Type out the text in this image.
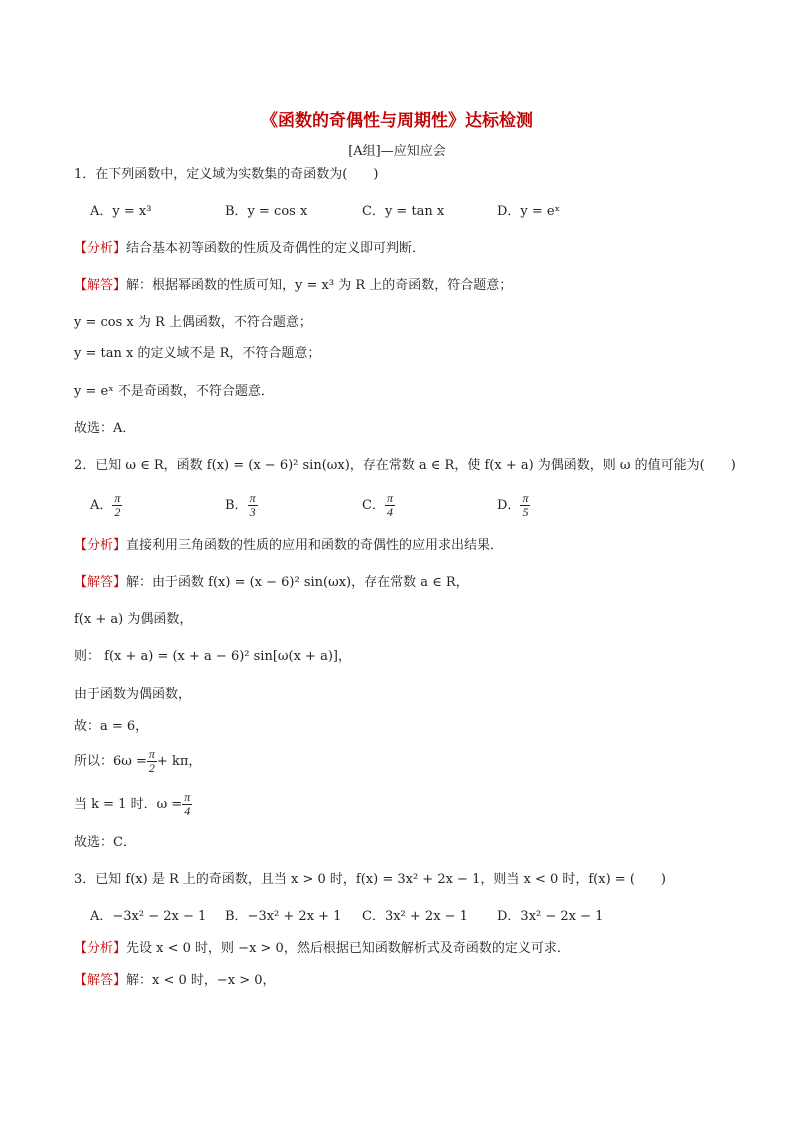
《函数的奇偶性与周期性》达标检测
[A组]—应知应会
1．在下列函数中，定义域为实数集的奇函数为(　　)
A．y = x³	B．y = cos x	C．y = tan x	D．y = eˣ
【分析】结合基本初等函数的性质及奇偶性的定义即可判断．
【解答】解：根据幂函数的性质可知，y = x³ 为 R 上的奇函数，符合题意；
y = cos x 为 R 上偶函数，不符合题意；
y = tan x 的定义域不是 R，不符合题意；
y = eˣ 不是奇函数，不符合题意．
故选：A．
2．已知 ω ∈ R，函数 f(x) = (x − 6)² sin(ωx)，存在常数 a ∈ R，使 f(x + a) 为偶函数，则 ω 的值可能为(　　)
A． $\frac{\pi}{2}$	B． $\frac{\pi}{3}$	C． $\frac{\pi}{4}$	D． $\frac{\pi}{5}$
【分析】直接利用三角函数的性质的应用和函数的奇偶性的应用求出结果．
【解答】解：由于函数 f(x) = (x − 6)² sin(ωx)，存在常数 a ∈ R，
f(x + a) 为偶函数，
则： f(x + a) = (x + a − 6)² sin[ω(x + a)]，
由于函数为偶函数，
故：a = 6，
所以：$6\omega = \frac{\pi}{2} + k\pi$，
当 k = 1 时．$\omega = \frac{\pi}{4}$
故选：C．
3．已知 f(x) 是 R 上的奇函数，且当 x > 0 时，f(x) = 3x² + 2x − 1，则当 x < 0 时，f(x) = (　　)
A．−3x² − 2x − 1 B．−3x² + 2x + 1 C．3x² + 2x − 1 D．3x² − 2x − 1
【分析】先设 x < 0 时，则 −x > 0，然后根据已知函数解析式及奇函数的定义可求．
【解答】解：x < 0 时，−x > 0，
